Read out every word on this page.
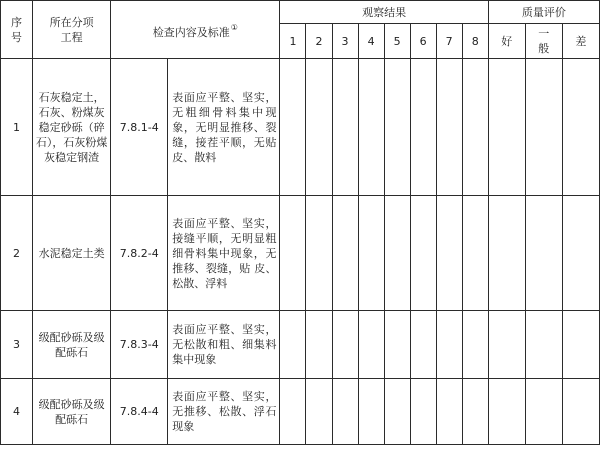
序号	所在分项工程	检查内容及标准①		观察结果								质量评价		
				1	2	3	4	5	6	7	8	好	一般	差
1	石灰稳定土，石灰、粉煤灰稳定砂砾（碎石），石灰粉煤灰稳定钢渣	7.8.1-4	表面应平整、坚实，无粗细骨料集中现象，无明显推移、裂缝，接茬平顺，无贴皮、散料											

2	水泥稳定土类	7.8.2-4	表面应平整、坚实，接缝平顺，无明显粗细骨料集中现象，无推移、裂缝，贴 皮、松散、浮料											

3	级配砂砾及级配砾石	7.8.3-4	表面应平整、坚实，无松散和粗、细集料集中现象											

4	级配砂砾及级配砾石	7.8.4-4	表面应平整、坚实，无推移、松散、浮石现象											
